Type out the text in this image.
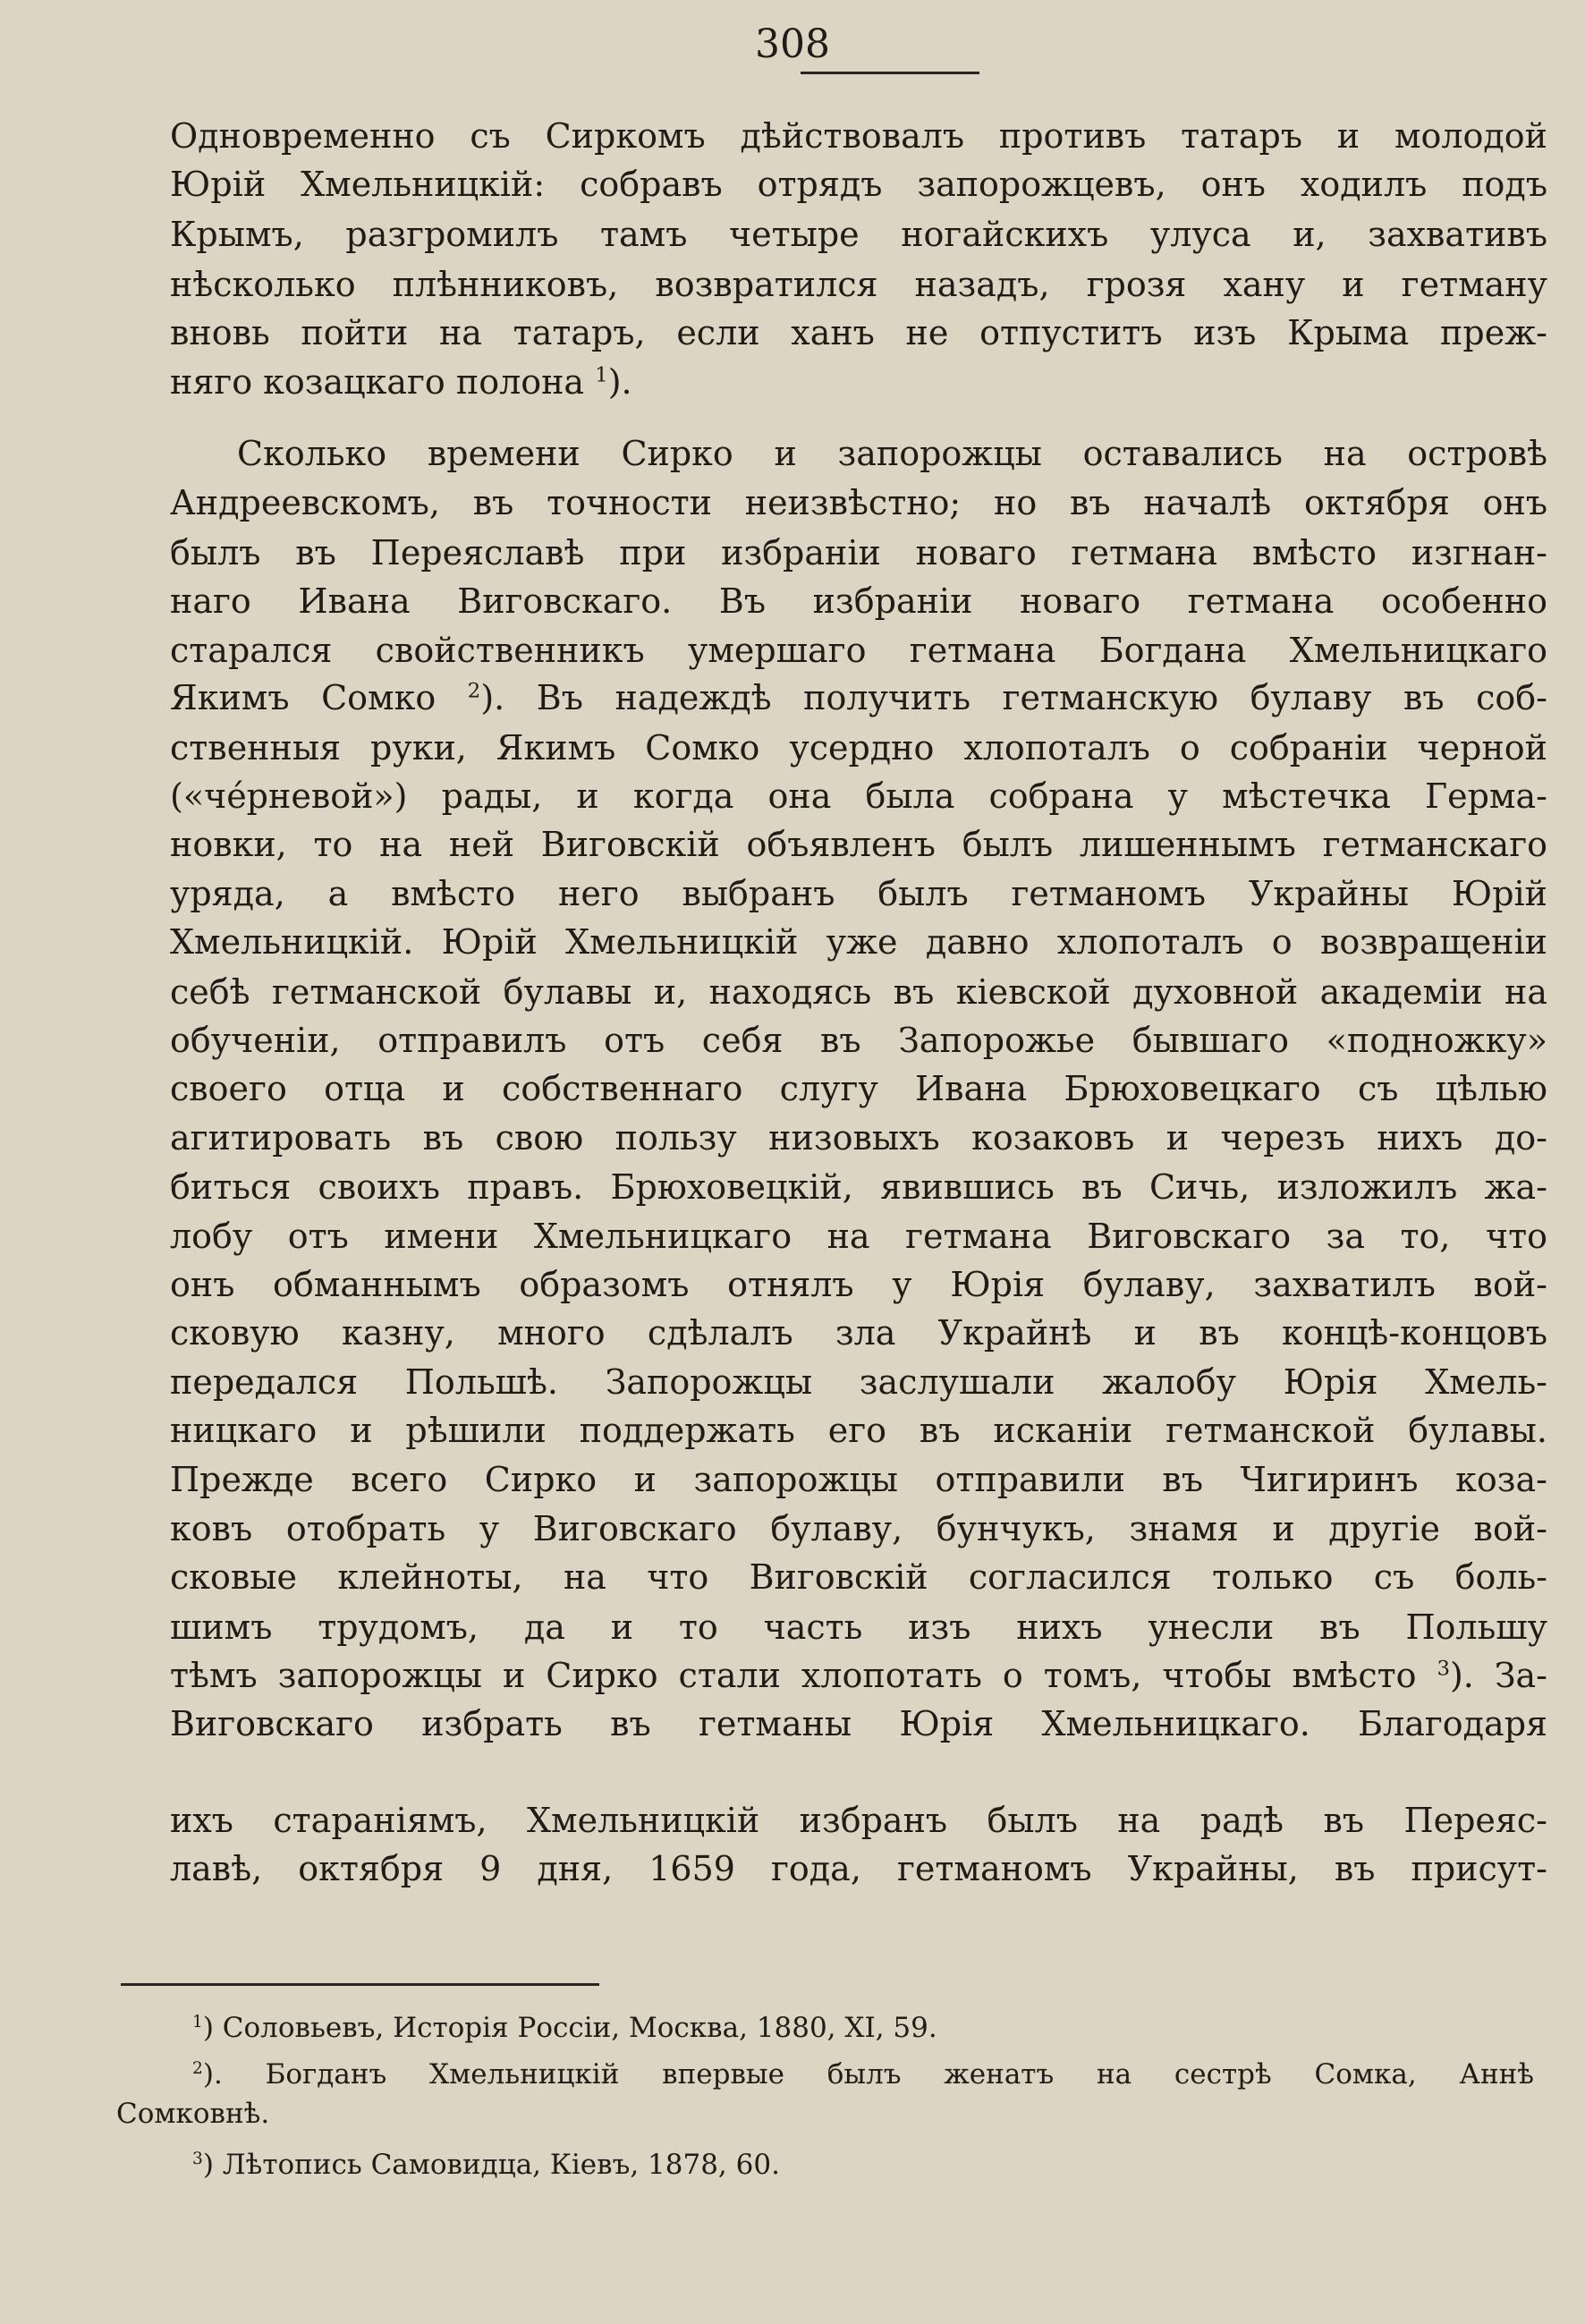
308
Одновременно съ Сиркомъ дѣйствовалъ противъ татаръ и молодой
Юрій Хмельницкій: собравъ отрядъ запорожцевъ, онъ ходилъ подъ
Крымъ, разгромилъ тамъ четыре ногайскихъ улуса и, захвативъ
нѣсколько плѣнниковъ, возвратился назадъ, грозя хану и гетману
вновь пойти на татаръ, если ханъ не отпуститъ изъ Крыма преж-
няго козацкаго полона $^1$).
Сколько времени Сирко и запорожцы оставались на островѣ
Андреевскомъ, въ точности неизвѣстно; но въ началѣ октября онъ
былъ въ Переяславѣ при избраніи новаго гетмана вмѣсто изгнан-
наго Ивана Виговскаго. Въ избраніи новаго гетмана особенно
старался свойственникъ умершаго гетмана Богдана Хмельницкаго
Якимъ Сомко $^2$). Въ надеждѣ получить гетманскую булаву въ соб-
ственныя руки, Якимъ Сомко усердно хлопоталъ о собраніи черной
(«че́рневой») рады, и когда она была собрана у мѣстечка Герма-
новки, то на ней Виговскій объявленъ былъ лишеннымъ гетманскаго
уряда, а вмѣсто него выбранъ былъ гетманомъ Украйны Юрій
Хмельницкій. Юрій Хмельницкій уже давно хлопоталъ о возвращеніи
себѣ гетманской булавы и, находясь въ кіевской духовной академіи на
обученіи, отправилъ отъ себя въ Запорожье бывшаго «подножку»
своего отца и собственнаго слугу Ивана Брюховецкаго съ цѣлью
агитировать въ свою пользу низовыхъ козаковъ и черезъ нихъ до-
биться своихъ правъ. Брюховецкій, явившись въ Сичь, изложилъ жа-
лобу отъ имени Хмельницкаго на гетмана Виговскаго за то, что
онъ обманнымъ образомъ отнялъ у Юрія булаву, захватилъ вой-
сковую казну, много сдѣлалъ зла Украйнѣ и въ концѣ-концовъ
передался Польшѣ. Запорожцы заслушали жалобу Юрія Хмель-
ницкаго и рѣшили поддержать его въ исканіи гетманской булавы.
Прежде всего Сирко и запорожцы отправили въ Чигиринъ коза-
ковъ отобрать у Виговскаго булаву, бунчукъ, знамя и другіе вой-
сковые клейноты, на что Виговскій согласился только съ боль-
шимъ трудомъ, да и то часть изъ нихъ унесли въ Польшу
тѣмъ запорожцы и Сирко стали хлопотать о томъ, чтобы вмѣсто $^3$). За-
Виговскаго избрать въ гетманы Юрія Хмельницкаго. Благодаря
ихъ стараніямъ, Хмельницкій избранъ былъ на радѣ въ Переяс-
лавѣ, октября 9 дня, 1659 года, гетманомъ Украйны, въ присут-
$^1$) Соловьевъ, Исторія Россіи, Москва, 1880, XI, 59.
$^2$). Богданъ Хмельницкій впервые былъ женатъ на сестрѣ Сомка, Аннѣ
Сомковнѣ.
$^3$) Лѣтопись Самовидца, Кіевъ, 1878, 60.
